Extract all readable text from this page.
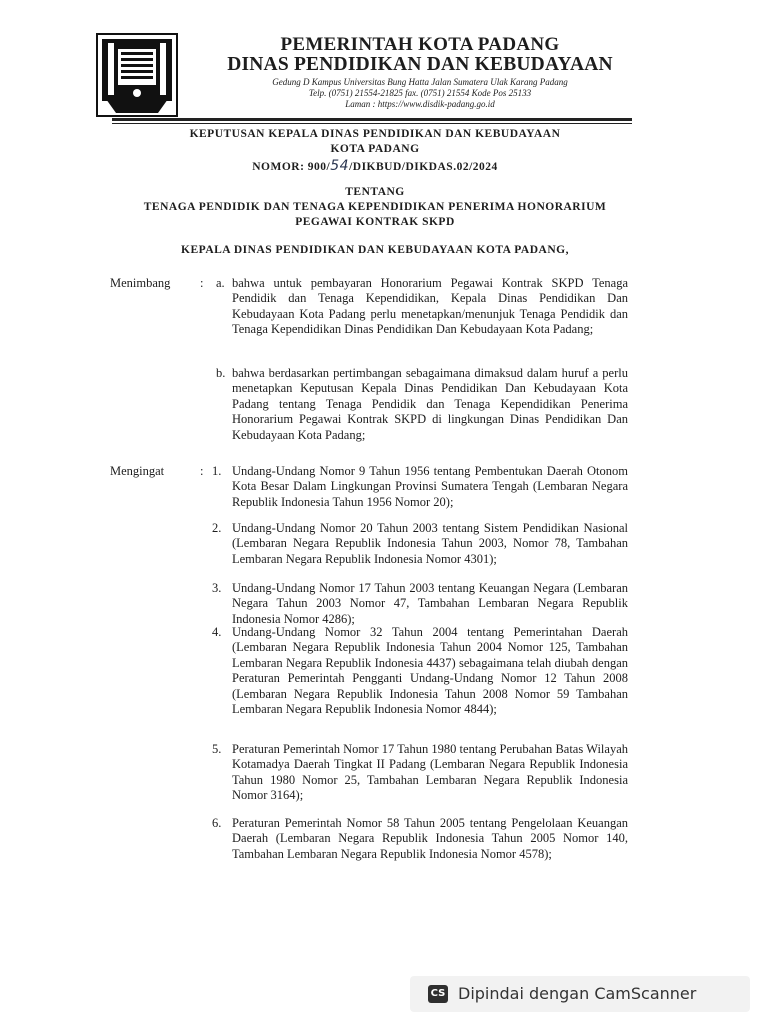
PEMERINTAH KOTA PADANG
DINAS PENDIDIKAN DAN KEBUDAYAAN
Gedung D Kampus Universitas Bung Hatta Jalan Sumatera Ulak Karang Padang
Telp. (0751) 21554-21825 fax. (0751) 21554 Kode Pos 25133
Laman : https://www.disdik-padang.go.id
KEPUTUSAN KEPALA DINAS PENDIDIKAN DAN KEBUDAYAAN
KOTA PADANG
NOMOR: 900/54/DIKBUD/DIKDAS.02/2024
TENTANG
TENAGA PENDIDIK DAN TENAGA KEPENDIDIKAN PENERIMA HONORARIUM
PEGAWAI KONTRAK SKPD
KEPALA DINAS PENDIDIKAN DAN KEBUDAYAAN KOTA PADANG,
Menimbang : a. bahwa untuk pembayaran Honorarium Pegawai Kontrak SKPD Tenaga Pendidik dan Tenaga Kependidikan, Kepala Dinas Pendidikan Dan Kebudayaan Kota Padang perlu menetapkan/menunjuk Tenaga Pendidik dan Tenaga Kependidikan Dinas Pendidikan Dan Kebudayaan Kota Padang;
b. bahwa berdasarkan pertimbangan sebagaimana dimaksud dalam huruf a perlu menetapkan Keputusan Kepala Dinas Pendidikan Dan Kebudayaan Kota Padang tentang Tenaga Pendidik dan Tenaga Kependidikan Penerima Honorarium Pegawai Kontrak SKPD di lingkungan Dinas Pendidikan Dan Kebudayaan Kota Padang;
Mengingat	: 1. Undang-Undang Nomor 9 Tahun 1956 tentang Pembentukan Daerah Otonom Kota Besar Dalam Lingkungan Provinsi Sumatera Tengah (Lembaran Negara Republik Indonesia Tahun 1956 Nomor 20);
2. Undang-Undang Nomor 20 Tahun 2003 tentang Sistem Pendidikan Nasional (Lembaran Negara Republik Indonesia Tahun 2003, Nomor 78, Tambahan Lembaran Negara Republik Indonesia Nomor 4301);
3. Undang-Undang Nomor 17 Tahun 2003 tentang Keuangan Negara (Lembaran Negara Tahun 2003 Nomor 47, Tambahan Lembaran Negara Republik Indonesia Nomor 4286);
4. Undang-Undang Nomor 32 Tahun 2004 tentang Pemerintahan Daerah (Lembaran Negara Republik Indonesia Tahun 2004 Nomor 125, Tambahan Lembaran Negara Republik Indonesia 4437) sebagaimana telah diubah dengan Peraturan Pemerintah Pengganti Undang-Undang Nomor 12 Tahun 2008 (Lembaran Negara Republik Indonesia Tahun 2008 Nomor 59 Tambahan Lembaran Negara Republik Indonesia Nomor 4844);
5. Peraturan Pemerintah Nomor 17 Tahun 1980 tentang Perubahan Batas Wilayah Kotamadya Daerah Tingkat II Padang (Lembaran Negara Republik Indonesia Tahun 1980 Nomor 25, Tambahan Lembaran Negara Republik Indonesia Nomor 3164);
6. Peraturan Pemerintah Nomor 58 Tahun 2005 tentang Pengelolaan Keuangan Daerah (Lembaran Negara Republik Indonesia Tahun 2005 Nomor 140, Tambahan Lembaran Negara Republik Indonesia Nomor 4578);
CS Dipindai dengan CamScanner
